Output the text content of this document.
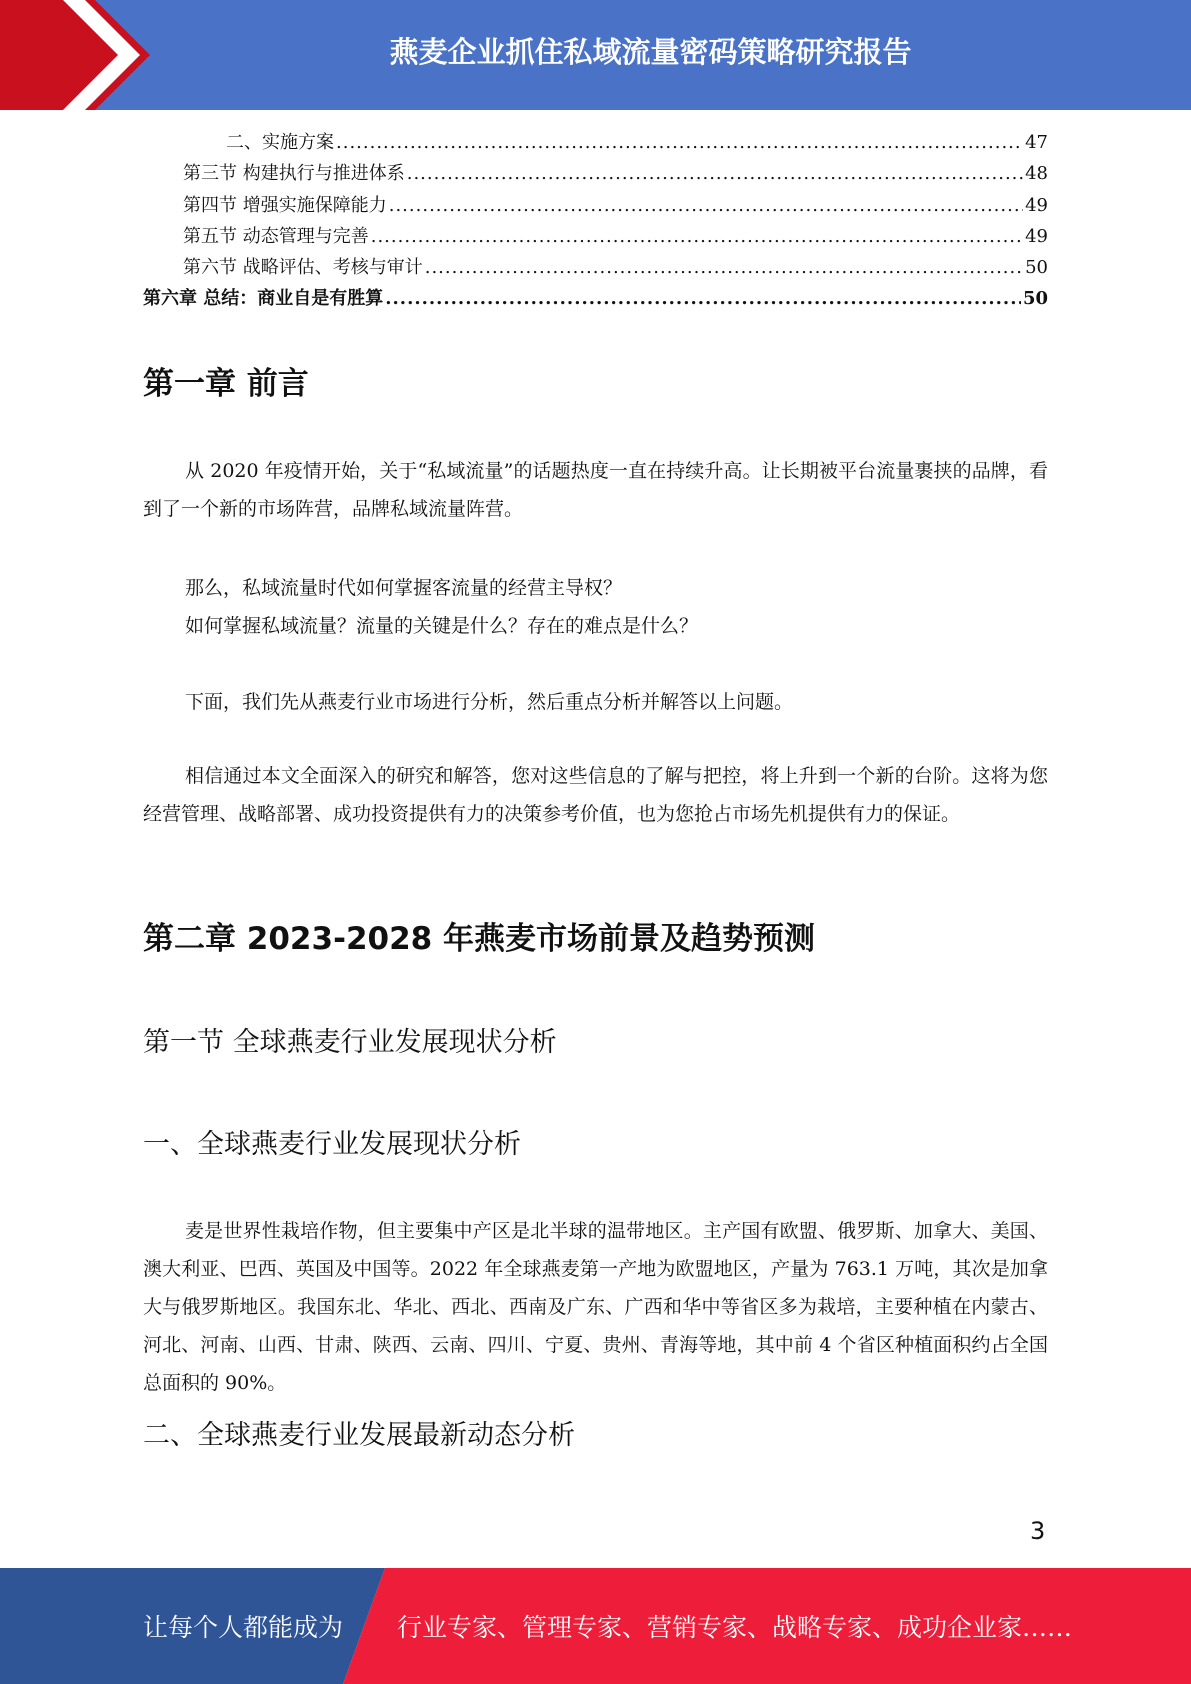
燕麦企业抓住私域流量密码策略研究报告
二、实施方案 .....	47
第三节 构建执行与推进体系 .....	48
第四节 增强实施保障能力 .....	49
第五节 动态管理与完善 .....	49
第六节 战略评估、考核与审计 .....	50
第六章 总结：商业自是有胜算 .....	50
第一章 前言
从 2020 年疫情开始，关于“私域流量”的话题热度一直在持续升高。让长期被平台流量裹挟的品牌，看到了一个新的市场阵营，品牌私域流量阵营。
那么，私域流量时代如何掌握客流量的经营主导权？
如何掌握私域流量？流量的关键是什么？存在的难点是什么？
下面，我们先从燕麦行业市场进行分析，然后重点分析并解答以上问题。
相信通过本文全面深入的研究和解答，您对这些信息的了解与把控，将上升到一个新的台阶。这将为您经营管理、战略部署、成功投资提供有力的决策参考价值，也为您抢占市场先机提供有力的保证。
第二章 2023-2028 年燕麦市场前景及趋势预测
第一节 全球燕麦行业发展现状分析
一、全球燕麦行业发展现状分析
麦是世界性栽培作物，但主要集中产区是北半球的温带地区。主产国有欧盟、俄罗斯、加拿大、美国、澳大利亚、巴西、英国及中国等。2022 年全球燕麦第一产地为欧盟地区，产量为 763.1 万吨，其次是加拿大与俄罗斯地区。我国东北、华北、西北、西南及广东、广西和华中等省区多为栽培，主要种植在内蒙古、河北、河南、山西、甘肃、陕西、云南、四川、宁夏、贵州、青海等地，其中前 4 个省区种植面积约占全国总面积的 90%。
二、全球燕麦行业发展最新动态分析
3
让每个人都能成为 行业专家、管理专家、营销专家、战略专家、成功企业家……
